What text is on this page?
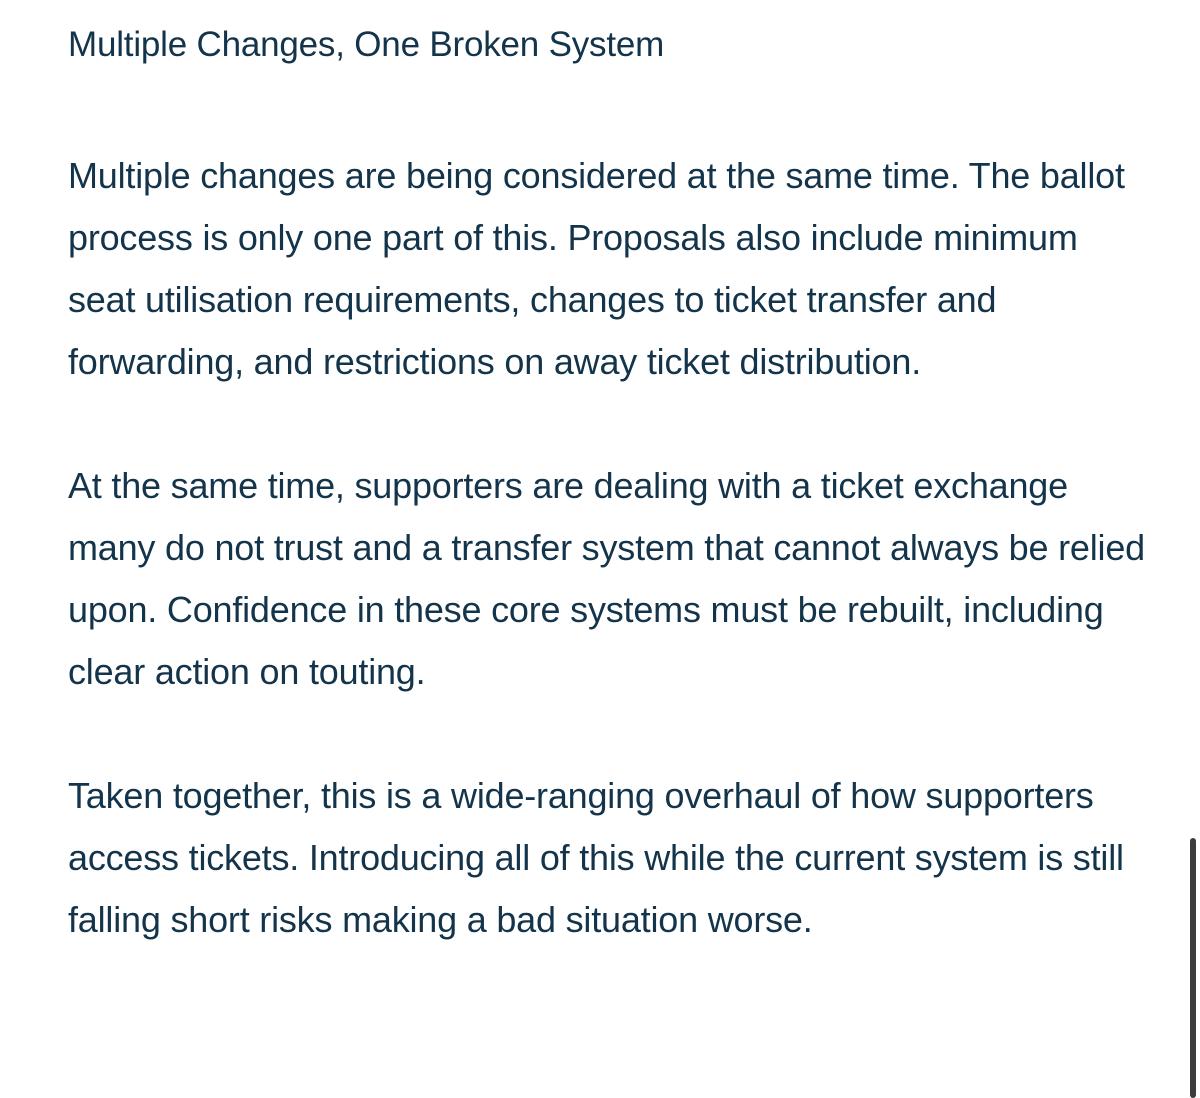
Multiple Changes, One Broken System

Multiple changes are being considered at the same time. The ballot process is only one part of this. Proposals also include minimum seat utilisation requirements, changes to ticket transfer and forwarding, and restrictions on away ticket distribution.

At the same time, supporters are dealing with a ticket exchange many do not trust and a transfer system that cannot always be relied upon. Confidence in these core systems must be rebuilt, including clear action on touting.

Taken together, this is a wide-ranging overhaul of how supporters access tickets. Introducing all of this while the current system is still falling short risks making a bad situation worse.
